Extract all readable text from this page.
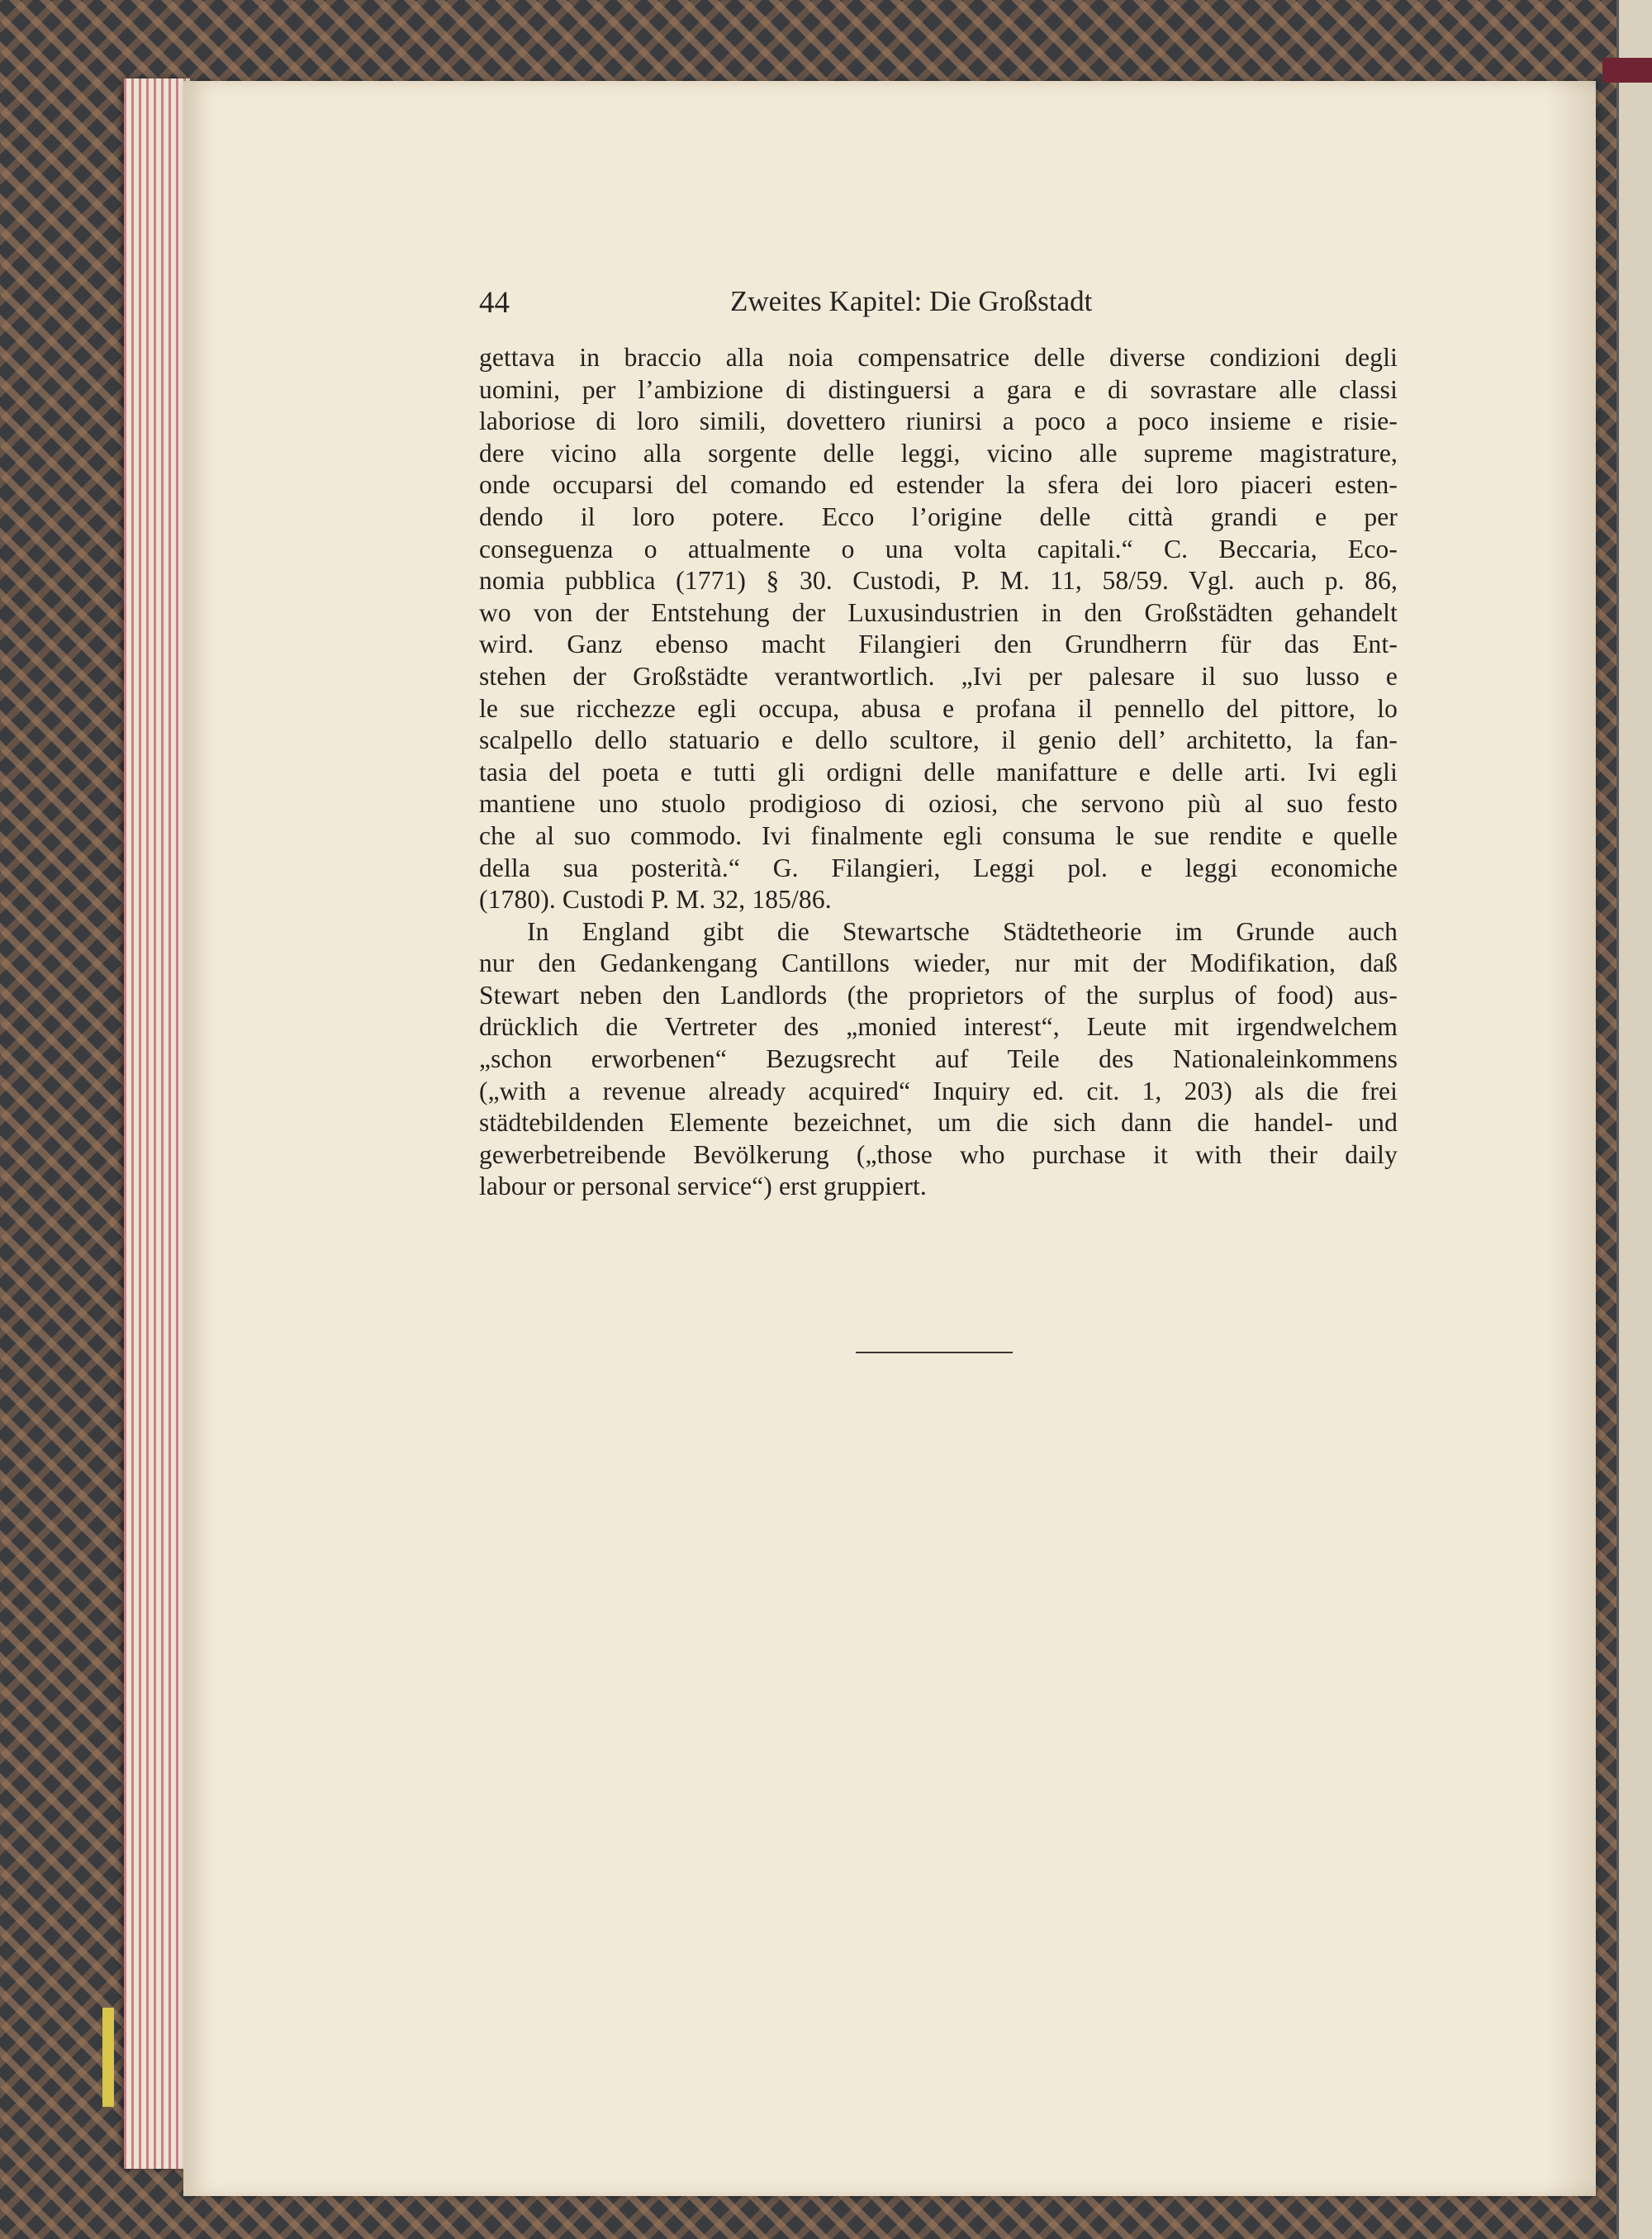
44	Zweites Kapitel: Die Großstadt
gettava in braccio alla noia compensatrice delle diverse condizioni degli
uomini, per l’ambizione di distinguersi a gara e di sovrastare alle classi
laboriose di loro simili, dovettero riunirsi a poco a poco insieme e risie-
dere vicino alla sorgente delle leggi, vicino alle supreme magistrature,
onde occuparsi del comando ed estender la sfera dei loro piaceri esten-
dendo il loro potere. Ecco l’origine delle città grandi e per
conseguenza o attualmente o una volta capitali.“ C. Beccaria, Eco-
nomia pubblica (1771) § 30. Custodi, P. M. 11, 58/59. Vgl. auch p. 86,
wo von der Entstehung der Luxusindustrien in den Großstädten gehandelt
wird. Ganz ebenso macht Filangieri den Grundherrn für das Ent-
stehen der Großstädte verantwortlich. „Ivi per palesare il suo lusso e
le sue ricchezze egli occupa, abusa e profana il pennello del pittore, lo
scalpello dello statuario e dello scultore, il genio dell’ architetto, la fan-
tasia del poeta e tutti gli ordigni delle manifatture e delle arti. Ivi egli
mantiene uno stuolo prodigioso di oziosi, che servono più al suo festo
che al suo commodo. Ivi finalmente egli consuma le sue rendite e quelle
della sua posterità.“ G. Filangieri, Leggi pol. e leggi economiche
(1780). Custodi P. M. 32, 185/86.
In England gibt die Stewartsche Städtetheorie im Grunde auch
nur den Gedankengang Cantillons wieder, nur mit der Modifikation, daß
Stewart neben den Landlords (the proprietors of the surplus of food) aus-
drücklich die Vertreter des „monied interest“, Leute mit irgendwelchem
„schon erworbenen“ Bezugsrecht auf Teile des Nationaleinkommens
(„with a revenue already acquired“ Inquiry ed. cit. 1, 203) als die frei
städtebildenden Elemente bezeichnet, um die sich dann die handel- und
gewerbetreibende Bevölkerung („those who purchase it with their daily
labour or personal service“) erst gruppiert.
